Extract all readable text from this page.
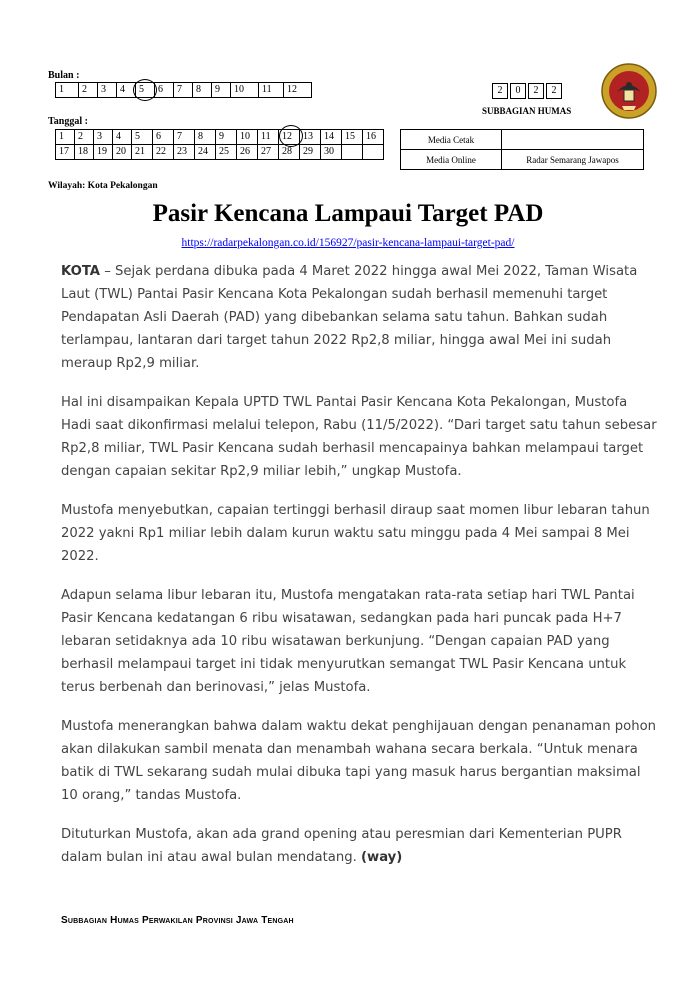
Bulan :
1	2	3	4	5	6	7	8	9	10	11	12
Tanggal :
1	2	3	4	5	6	7	8	9	10	11	12	13	14	15	16
17	18	19	20	21	22	23	24	25	26	27	28	29	30		
2 0 2 2
SUBBAGIAN HUMAS
Media Cetak	
Media Online	Radar Semarang Jawapos
Wilayah: Kota Pekalongan
Pasir Kencana Lampaui Target PAD
https://radarpekalongan.co.id/156927/pasir-kencana-lampaui-target-pad/

KOTA – Sejak perdana dibuka pada 4 Maret 2022 hingga awal Mei 2022, Taman Wisata Laut (TWL) Pantai Pasir Kencana Kota Pekalongan sudah berhasil memenuhi target Pendapatan Asli Daerah (PAD) yang dibebankan selama satu tahun. Bahkan sudah terlampau, lantaran dari target tahun 2022 Rp2,8 miliar, hingga awal Mei ini sudah meraup Rp2,9 miliar.

Hal ini disampaikan Kepala UPTD TWL Pantai Pasir Kencana Kota Pekalongan, Mustofa Hadi saat dikonfirmasi melalui telepon, Rabu (11/5/2022). “Dari target satu tahun sebesar Rp2,8 miliar, TWL Pasir Kencana sudah berhasil mencapainya bahkan melampaui target dengan capaian sekitar Rp2,9 miliar lebih,” ungkap Mustofa.

Mustofa menyebutkan, capaian tertinggi berhasil diraup saat momen libur lebaran tahun 2022 yakni Rp1 miliar lebih dalam kurun waktu satu minggu pada 4 Mei sampai 8 Mei 2022.

Adapun selama libur lebaran itu, Mustofa mengatakan rata-rata setiap hari TWL Pantai Pasir Kencana kedatangan 6 ribu wisatawan, sedangkan pada hari puncak pada H+7 lebaran setidaknya ada 10 ribu wisatawan berkunjung. “Dengan capaian PAD yang berhasil melampaui target ini tidak menyurutkan semangat TWL Pasir Kencana untuk terus berbenah dan berinovasi,” jelas Mustofa.

Mustofa menerangkan bahwa dalam waktu dekat penghijauan dengan penanaman pohon akan dilakukan sambil menata dan menambah wahana secara berkala. “Untuk menara batik di TWL sekarang sudah mulai dibuka tapi yang masuk harus bergantian maksimal 10 orang,” tandas Mustofa.

Dituturkan Mustofa, akan ada grand opening atau peresmian dari Kementerian PUPR dalam bulan ini atau awal bulan mendatang. (way)

Subbagian Humas Perwakilan Provinsi Jawa Tengah
